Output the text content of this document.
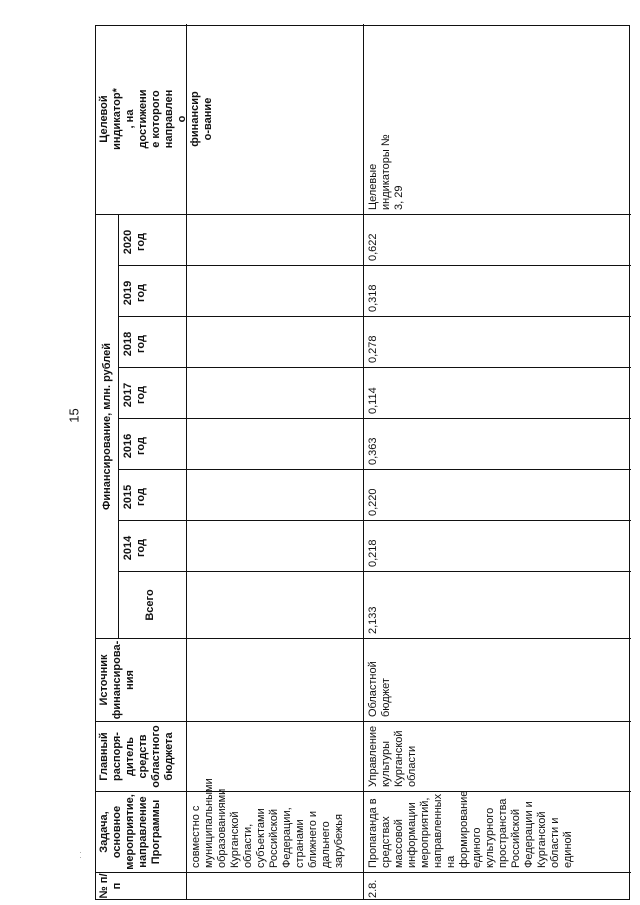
15
. .
№ п/п
Задача, основное мероприятие, направление Программы
Главный распоря-дитель средств областного бюджета
Источник финансирова-ния
Финансирование, млн. рублей
Всего
2014 год
2015 год
2016 год
2017 год
2018 год
2019 год
2020 год
Целевой индикатор*, на достижение которого направлено финансиро-вание
совместно с муниципальными образованиями Курганской области, субъектами Российской Федерации, странами ближнего и дальнего зарубежья
2.8.
Пропаганда в средствах массовой информации мероприятий, направленных на формирование единого культурного пространства Российской Федерации и Курганской области и единой
Управление культуры Курганской области
Областной бюджет
2,133
0,218
0,220
0,363
0,114
0,278
0,318
0,622
Целевые индикаторы № 3, 29
